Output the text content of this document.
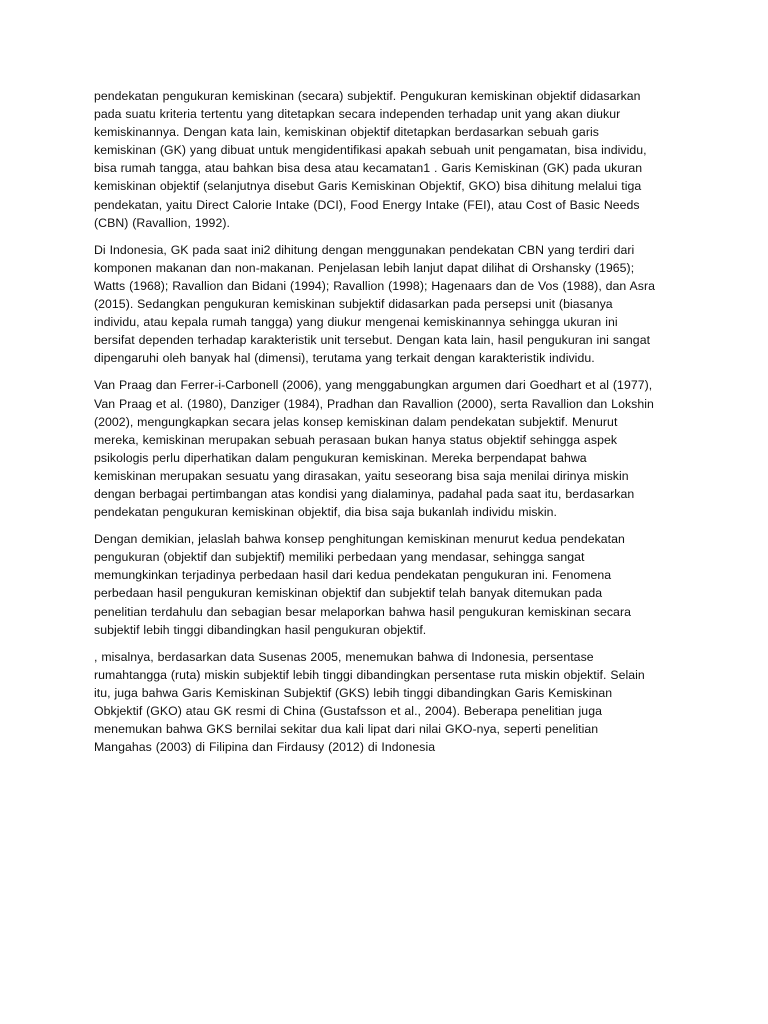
pendekatan pengukuran kemiskinan (secara) subjektif. Pengukuran kemiskinan objektif didasarkan
pada suatu kriteria tertentu yang ditetapkan secara independen terhadap unit yang akan diukur
kemiskinannya. Dengan kata lain, kemiskinan objektif ditetapkan berdasarkan sebuah garis
kemiskinan (GK) yang dibuat untuk mengidentifikasi apakah sebuah unit pengamatan, bisa individu,
bisa rumah tangga, atau bahkan bisa desa atau kecamatan1 . Garis Kemiskinan (GK) pada ukuran
kemiskinan objektif (selanjutnya disebut Garis Kemiskinan Objektif, GKO) bisa dihitung melalui tiga
pendekatan, yaitu Direct Calorie Intake (DCI), Food Energy Intake (FEI), atau Cost of Basic Needs
(CBN) (Ravallion, 1992).

Di Indonesia, GK pada saat ini2 dihitung dengan menggunakan pendekatan CBN yang terdiri dari
komponen makanan dan non-makanan. Penjelasan lebih lanjut dapat dilihat di Orshansky (1965);
Watts (1968); Ravallion dan Bidani (1994); Ravallion (1998); Hagenaars dan de Vos (1988), dan Asra
(2015). Sedangkan pengukuran kemiskinan subjektif didasarkan pada persepsi unit (biasanya
individu, atau kepala rumah tangga) yang diukur mengenai kemiskinannya sehingga ukuran ini
bersifat dependen terhadap karakteristik unit tersebut. Dengan kata lain, hasil pengukuran ini sangat
dipengaruhi oleh banyak hal (dimensi), terutama yang terkait dengan karakteristik individu.

Van Praag dan Ferrer-i-Carbonell (2006), yang menggabungkan argumen dari Goedhart et al (1977),
Van Praag et al. (1980), Danziger (1984), Pradhan dan Ravallion (2000), serta Ravallion dan Lokshin
(2002), mengungkapkan secara jelas konsep kemiskinan dalam pendekatan subjektif. Menurut
mereka, kemiskinan merupakan sebuah perasaan bukan hanya status objektif sehingga aspek
psikologis perlu diperhatikan dalam pengukuran kemiskinan. Mereka berpendapat bahwa
kemiskinan merupakan sesuatu yang dirasakan, yaitu seseorang bisa saja menilai dirinya miskin
dengan berbagai pertimbangan atas kondisi yang dialaminya, padahal pada saat itu, berdasarkan
pendekatan pengukuran kemiskinan objektif, dia bisa saja bukanlah individu miskin.

Dengan demikian, jelaslah bahwa konsep penghitungan kemiskinan menurut kedua pendekatan
pengukuran (objektif dan subjektif) memiliki perbedaan yang mendasar, sehingga sangat
memungkinkan terjadinya perbedaan hasil dari kedua pendekatan pengukuran ini. Fenomena
perbedaan hasil pengukuran kemiskinan objektif dan subjektif telah banyak ditemukan pada
penelitian terdahulu dan sebagian besar melaporkan bahwa hasil pengukuran kemiskinan secara
subjektif lebih tinggi dibandingkan hasil pengukuran objektif.

, misalnya, berdasarkan data Susenas 2005, menemukan bahwa di Indonesia, persentase
rumahtangga (ruta) miskin subjektif lebih tinggi dibandingkan persentase ruta miskin objektif. Selain
itu, juga bahwa Garis Kemiskinan Subjektif (GKS) lebih tinggi dibandingkan Garis Kemiskinan
Obkjektif (GKO) atau GK resmi di China (Gustafsson et al., 2004). Beberapa penelitian juga
menemukan bahwa GKS bernilai sekitar dua kali lipat dari nilai GKO-nya, seperti penelitian
Mangahas (2003) di Filipina dan Firdausy (2012) di Indonesia
